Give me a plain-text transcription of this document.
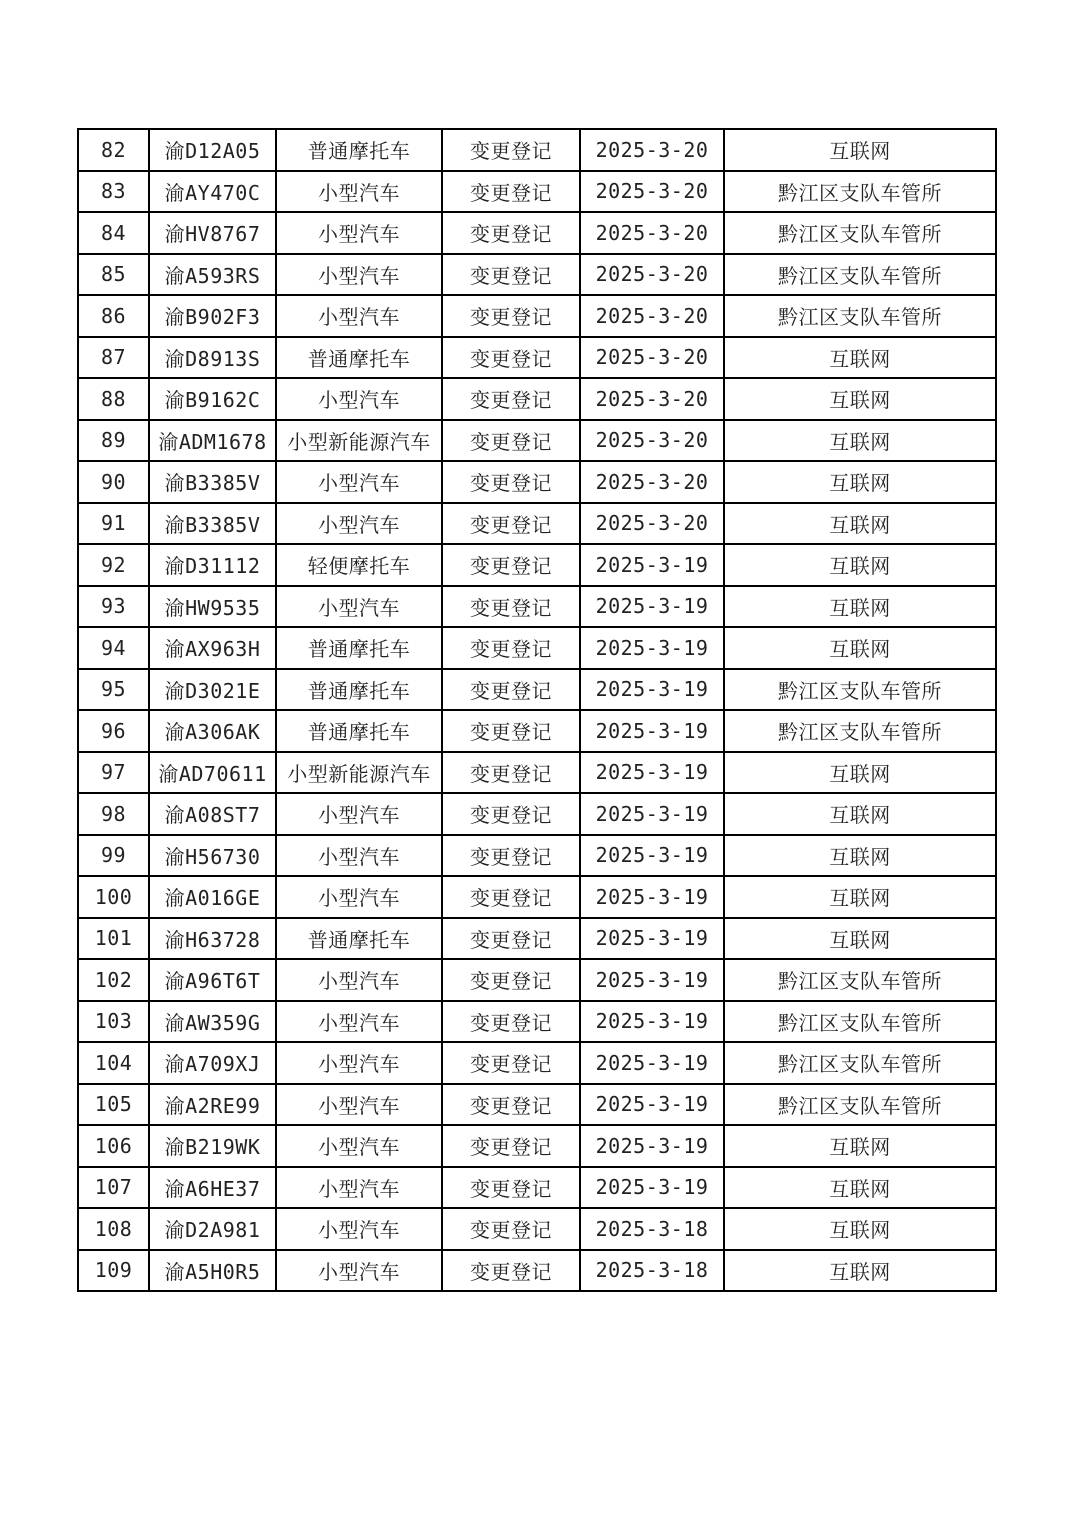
82	渝D12A05	普通摩托车	变更登记	2025-3-20	互联网
83	渝AY470C	小型汽车	变更登记	2025-3-20	黔江区支队车管所
84	渝HV8767	小型汽车	变更登记	2025-3-20	黔江区支队车管所
85	渝A593RS	小型汽车	变更登记	2025-3-20	黔江区支队车管所
86	渝B902F3	小型汽车	变更登记	2025-3-20	黔江区支队车管所
87	渝D8913S	普通摩托车	变更登记	2025-3-20	互联网
88	渝B9162C	小型汽车	变更登记	2025-3-20	互联网
89	渝ADM1678	小型新能源汽车	变更登记	2025-3-20	互联网
90	渝B3385V	小型汽车	变更登记	2025-3-20	互联网
91	渝B3385V	小型汽车	变更登记	2025-3-20	互联网
92	渝D31112	轻便摩托车	变更登记	2025-3-19	互联网
93	渝HW9535	小型汽车	变更登记	2025-3-19	互联网
94	渝AX963H	普通摩托车	变更登记	2025-3-19	互联网
95	渝D3021E	普通摩托车	变更登记	2025-3-19	黔江区支队车管所
96	渝A306AK	普通摩托车	变更登记	2025-3-19	黔江区支队车管所
97	渝AD70611	小型新能源汽车	变更登记	2025-3-19	互联网
98	渝A08ST7	小型汽车	变更登记	2025-3-19	互联网
99	渝H56730	小型汽车	变更登记	2025-3-19	互联网
100	渝A016GE	小型汽车	变更登记	2025-3-19	互联网
101	渝H63728	普通摩托车	变更登记	2025-3-19	互联网
102	渝A96T6T	小型汽车	变更登记	2025-3-19	黔江区支队车管所
103	渝AW359G	小型汽车	变更登记	2025-3-19	黔江区支队车管所
104	渝A709XJ	小型汽车	变更登记	2025-3-19	黔江区支队车管所
105	渝A2RE99	小型汽车	变更登记	2025-3-19	黔江区支队车管所
106	渝B219WK	小型汽车	变更登记	2025-3-19	互联网
107	渝A6HE37	小型汽车	变更登记	2025-3-19	互联网
108	渝D2A981	小型汽车	变更登记	2025-3-18	互联网
109	渝A5H0R5	小型汽车	变更登记	2025-3-18	互联网
